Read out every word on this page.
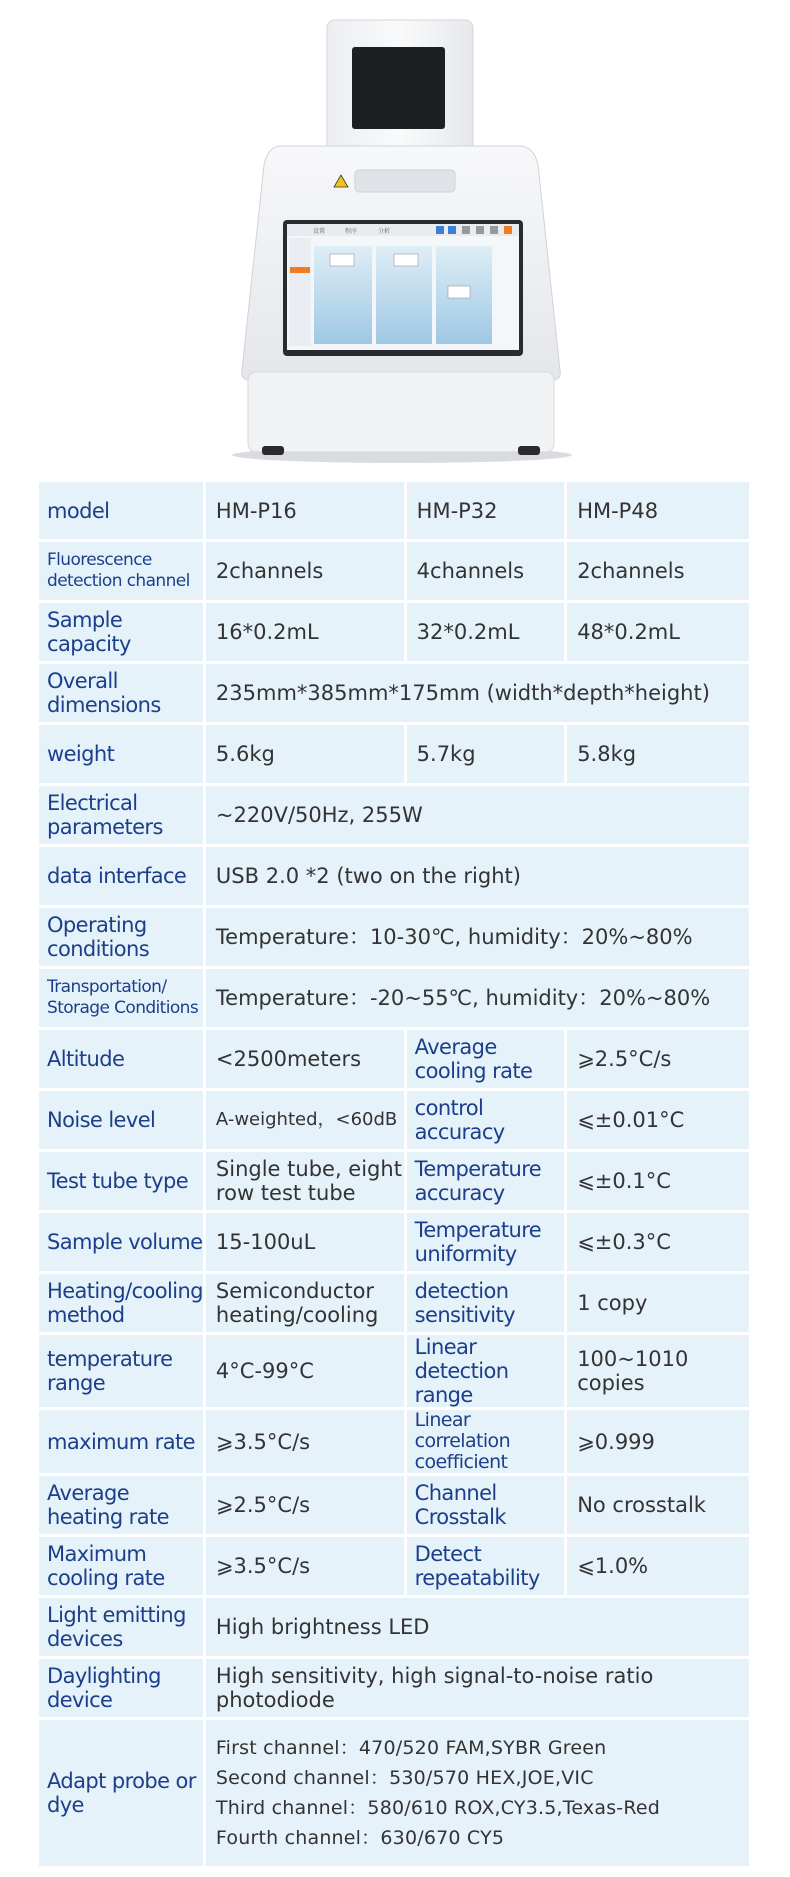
设置	程序	分析
model	HM-P16	HM-P32	HM-P48
Fluorescence detection channel	2channels	4channels	2channels
Sample capacity	16*0.2mL	32*0.2mL	48*0.2mL
Overall dimensions	235mm*385mm*175mm (width*depth*height)		
weight	5.6kg	5.7kg	5.8kg
Electrical parameters	~220V/50Hz, 255W		
data interface	USB 2.0 *2 (two on the right)		
Operating conditions	Temperature：10-30℃, humidity：20%~80%		
Transportation/ Storage Conditions	Temperature：-20~55℃, humidity：20%~80%		
Altitude	<2500meters	Average cooling rate	⩾2.5°C/s
Noise level	A-weighted，<60dB	control accuracy	⩽±0.01°C
Test tube type	Single tube, eight row test tube	Temperature accuracy	⩽±0.1°C
Sample volume	15-100uL	Temperature uniformity	⩽±0.3°C
Heating/cooling method	Semiconductor heating/cooling	detection sensitivity	1 copy
temperature range	4°C-99°C	Linear detection range	100~1010 copies
maximum rate	⩾3.5°C/s	Linear correlation coefficient	⩾0.999
Average heating rate	⩾2.5°C/s	Channel Crosstalk	No crosstalk
Maximum cooling rate	⩾3.5°C/s	Detect repeatability	⩽1.0%
Light emitting devices	High brightness LED		
Daylighting device	High sensitivity, high signal-to-noise ratio photodiode		
Adapt probe or dye	First channel：470/520 FAM,SYBR Green
Second channel：530/570 HEX,JOE,VIC
Third channel：580/610 ROX,CY3.5,Texas-Red
Fourth channel：630/670 CY5		
